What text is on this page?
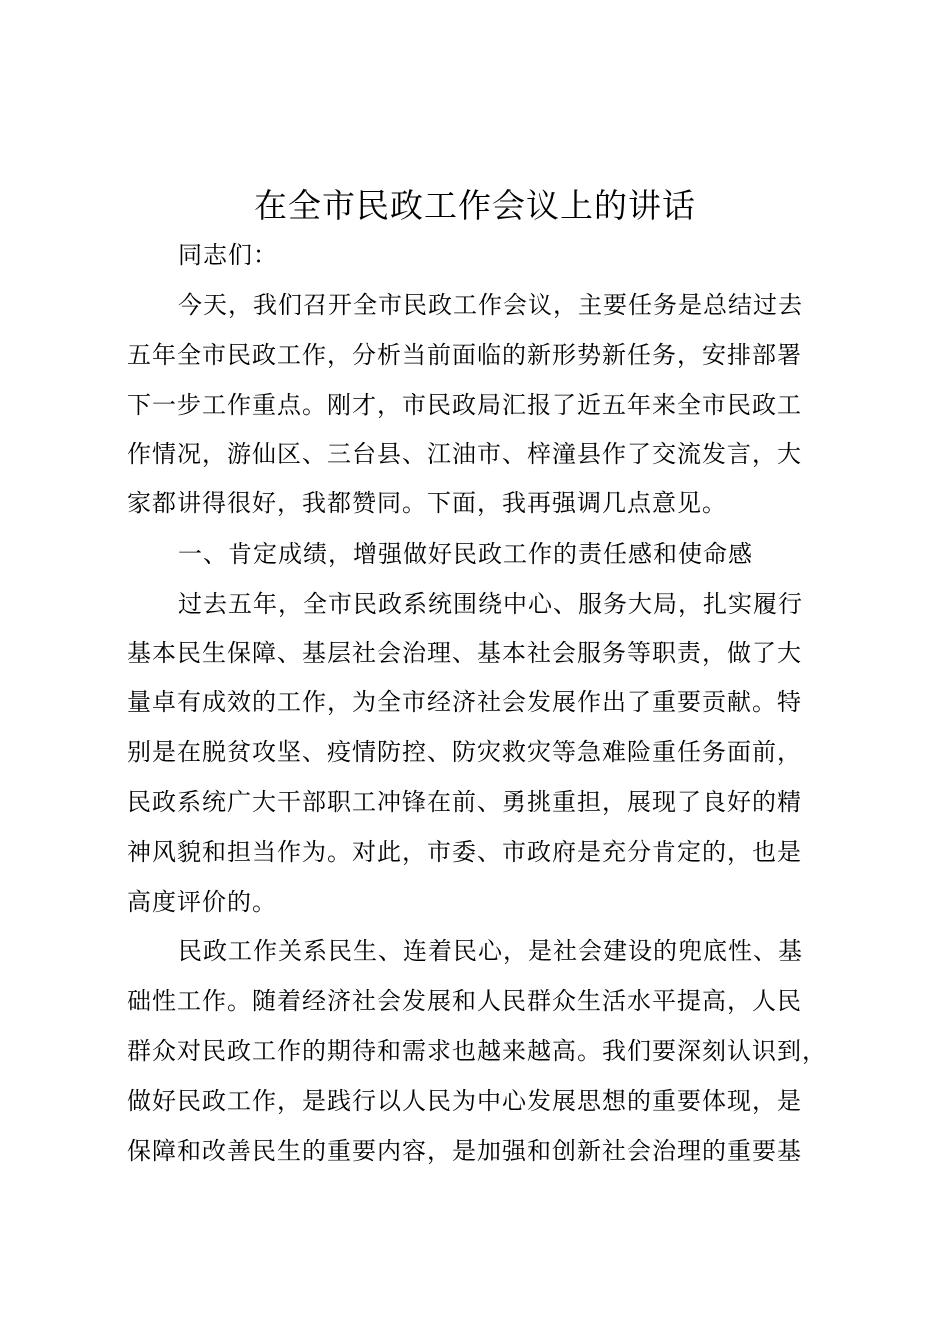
在全市民政工作会议上的讲话

同志们：

今天，我们召开全市民政工作会议，主要任务是总结过去

五年全市民政工作，分析当前面临的新形势新任务，安排部署

下一步工作重点。刚才，市民政局汇报了近五年来全市民政工

作情况，游仙区、三台县、江油市、梓潼县作了交流发言，大

家都讲得很好，我都赞同。下面，我再强调几点意见。

一、肯定成绩，增强做好民政工作的责任感和使命感

过去五年，全市民政系统围绕中心、服务大局，扎实履行

基本民生保障、基层社会治理、基本社会服务等职责，做了大

量卓有成效的工作，为全市经济社会发展作出了重要贡献。特

别是在脱贫攻坚、疫情防控、防灾救灾等急难险重任务面前，

民政系统广大干部职工冲锋在前、勇挑重担，展现了良好的精

神风貌和担当作为。对此，市委、市政府是充分肯定的，也是

高度评价的。

民政工作关系民生、连着民心，是社会建设的兜底性、基

础性工作。随着经济社会发展和人民群众生活水平提高，人民

群众对民政工作的期待和需求也越来越高。我们要深刻认识到，

做好民政工作，是践行以人民为中心发展思想的重要体现，是

保障和改善民生的重要内容，是加强和创新社会治理的重要基
